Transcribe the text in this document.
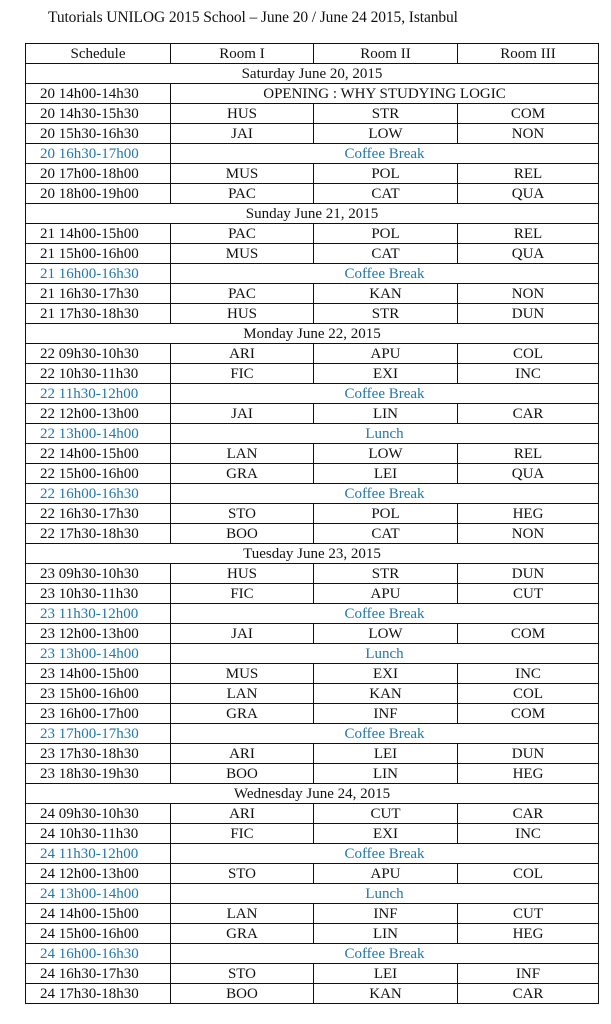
Tutorials UNILOG 2015 School – June 20 / June 24 2015, Istanbul
Schedule	Room I	Room II	Room III
Saturday June 20, 2015			
20 14h00-14h30	OPENING : WHY STUDYING LOGIC		
20 14h30-15h30	HUS	STR	COM
20 15h30-16h30	JAI	LOW	NON
20 16h30-17h00	Coffee Break		
20 17h00-18h00	MUS	POL	REL
20 18h00-19h00	PAC	CAT	QUA
Sunday June 21, 2015			
21 14h00-15h00	PAC	POL	REL
21 15h00-16h00	MUS	CAT	QUA
21 16h00-16h30	Coffee Break		
21 16h30-17h30	PAC	KAN	NON
21 17h30-18h30	HUS	STR	DUN
Monday June 22, 2015			
22 09h30-10h30	ARI	APU	COL
22 10h30-11h30	FIC	EXI	INC
22 11h30-12h00	Coffee Break		
22 12h00-13h00	JAI	LIN	CAR
22 13h00-14h00	Lunch		
22 14h00-15h00	LAN	LOW	REL
22 15h00-16h00	GRA	LEI	QUA
22 16h00-16h30	Coffee Break		
22 16h30-17h30	STO	POL	HEG
22 17h30-18h30	BOO	CAT	NON
Tuesday June 23, 2015			
23 09h30-10h30	HUS	STR	DUN
23 10h30-11h30	FIC	APU	CUT
23 11h30-12h00	Coffee Break		
23 12h00-13h00	JAI	LOW	COM
23 13h00-14h00	Lunch		
23 14h00-15h00	MUS	EXI	INC
23 15h00-16h00	LAN	KAN	COL
23 16h00-17h00	GRA	INF	COM
23 17h00-17h30	Coffee Break		
23 17h30-18h30	ARI	LEI	DUN
23 18h30-19h30	BOO	LIN	HEG
Wednesday June 24, 2015			
24 09h30-10h30	ARI	CUT	CAR
24 10h30-11h30	FIC	EXI	INC
24 11h30-12h00	Coffee Break		
24 12h00-13h00	STO	APU	COL
24 13h00-14h00	Lunch		
24 14h00-15h00	LAN	INF	CUT
24 15h00-16h00	GRA	LIN	HEG
24 16h00-16h30	Coffee Break		
24 16h30-17h30	STO	LEI	INF
24 17h30-18h30	BOO	KAN	CAR
